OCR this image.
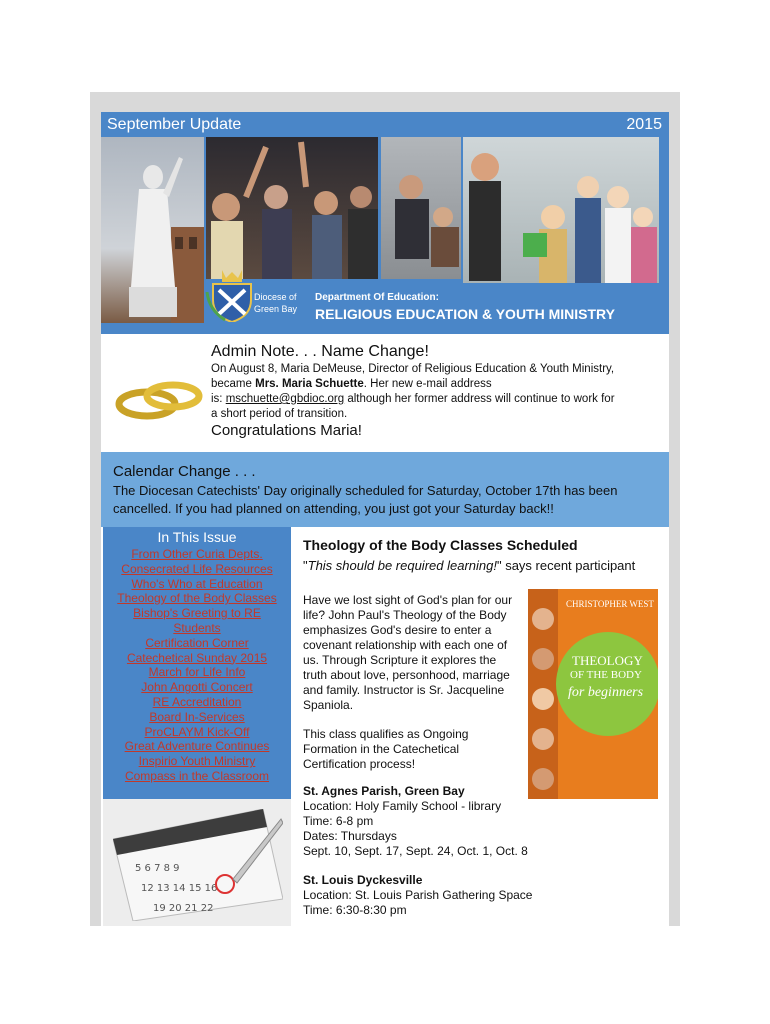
September Update	2015
Diocese of
Green Bay
Department Of Education:
RELIGIOUS EDUCATION & YOUTH MINISTRY
Admin Note. . . Name Change!

On August 8, Maria DeMeuse, Director of Religious Education & Youth Ministry,
became Mrs. Maria Schuette. Her new e-mail address
is: mschuette@gbdioc.org although her former address will continue to work for
a short period of transition.

Congratulations Maria!
Calendar Change . . .

The Diocesan Catechists' Day originally scheduled for Saturday, October 17th has been cancelled. If you had planned on attending, you just got your Saturday back!!

In This Issue
From Other Curia Depts.
Consecrated Life Resources
Who's Who at Education
Theology of the Body Classes
Bishop's Greeting to RE
Students
Certification Corner
Catechetical Sunday 2015
March for Life Info
John Angotti Concert
RE Accreditation
Board In-Services
ProCLAYM Kick-Off
Great Adventure Continues
Inspirio Youth Ministry
Compass in the Classroom
5 6 7 8 9
12 13 14 15 16
19 20 21 22
Theology of the Body Classes Scheduled

"This should be required learning!" says recent participant

Have we lost sight of God's plan for our life? John Paul's Theology of the Body emphasizes God's desire to enter a covenant relationship with each one of us. Through Scripture it explores the truth about love, personhood, marriage and family. Instructor is Sr. Jacqueline Spaniola.
This class qualifies as Ongoing Formation in the Catechetical Certification process!
CHRISTOPHER WEST
THEOLOGY
OF THE BODY
for beginners
St. Agnes Parish, Green Bay
Location: Holy Family School - library
Time: 6-8 pm
Dates: Thursdays
Sept. 10, Sept. 17, Sept. 24, Oct. 1, Oct. 8
St. Louis Dyckesville
Location: St. Louis Parish Gathering Space
Time: 6:30-8:30 pm
